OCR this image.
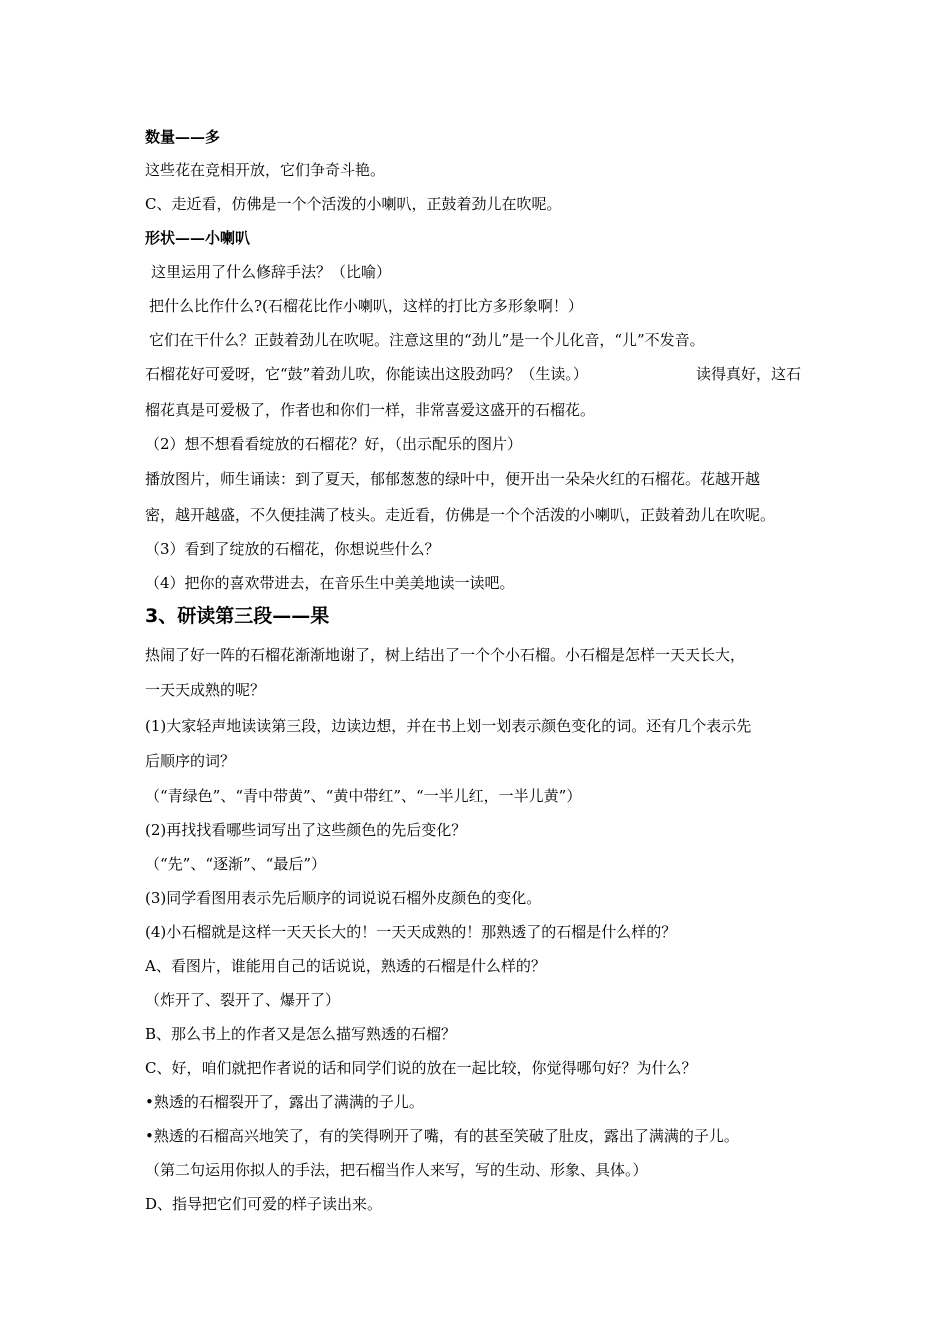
数量——多
这些花在竞相开放，它们争奇斗艳。
C、走近看，仿佛是一个个活泼的小喇叭，正鼓着劲儿在吹呢。
形状——小喇叭
这里运用了什么修辞手法？（比喻）
把什么比作什么?(石榴花比作小喇叭，这样的打比方多形象啊！）
它们在干什么？正鼓着劲儿在吹呢。注意这里的“劲儿”是一个儿化音，“儿”不发音。
石榴花好可爱呀，它“鼓”着劲儿吹，你能读出这股劲吗？（生读。）	读得真好，这石
榴花真是可爱极了，作者也和你们一样，非常喜爱这盛开的石榴花。
（2）想不想看看绽放的石榴花？好，（出示配乐的图片）
播放图片，师生诵读：到了夏天，郁郁葱葱的绿叶中，便开出一朵朵火红的石榴花。花越开越
密，越开越盛，不久便挂满了枝头。走近看，仿佛是一个个活泼的小喇叭，正鼓着劲儿在吹呢。
（3）看到了绽放的石榴花，你想说些什么？
（4）把你的喜欢带进去，在音乐生中美美地读一读吧。
3、研读第三段——果
热闹了好一阵的石榴花渐渐地谢了，树上结出了一个个小石榴。小石榴是怎样一天天长大，
一天天成熟的呢？
(1)大家轻声地读读第三段，边读边想，并在书上划一划表示颜色变化的词。还有几个表示先
后顺序的词？
（“青绿色”、“青中带黄”、“黄中带红”、“一半儿红，一半儿黄”）
(2)再找找看哪些词写出了这些颜色的先后变化？
（“先”、“逐渐”、“最后”）
(3)同学看图用表示先后顺序的词说说石榴外皮颜色的变化。
(4)小石榴就是这样一天天长大的！一天天成熟的！那熟透了的石榴是什么样的？
A、看图片，谁能用自己的话说说，熟透的石榴是什么样的？
（炸开了、裂开了、爆开了）
B、那么书上的作者又是怎么描写熟透的石榴？
C、好，咱们就把作者说的话和同学们说的放在一起比较，你觉得哪句好？为什么？
•熟透的石榴裂开了，露出了满满的子儿。
•熟透的石榴高兴地笑了，有的笑得咧开了嘴，有的甚至笑破了肚皮，露出了满满的子儿。
（第二句运用你拟人的手法，把石榴当作人来写，写的生动、形象、具体。）
D、指导把它们可爱的样子读出来。
